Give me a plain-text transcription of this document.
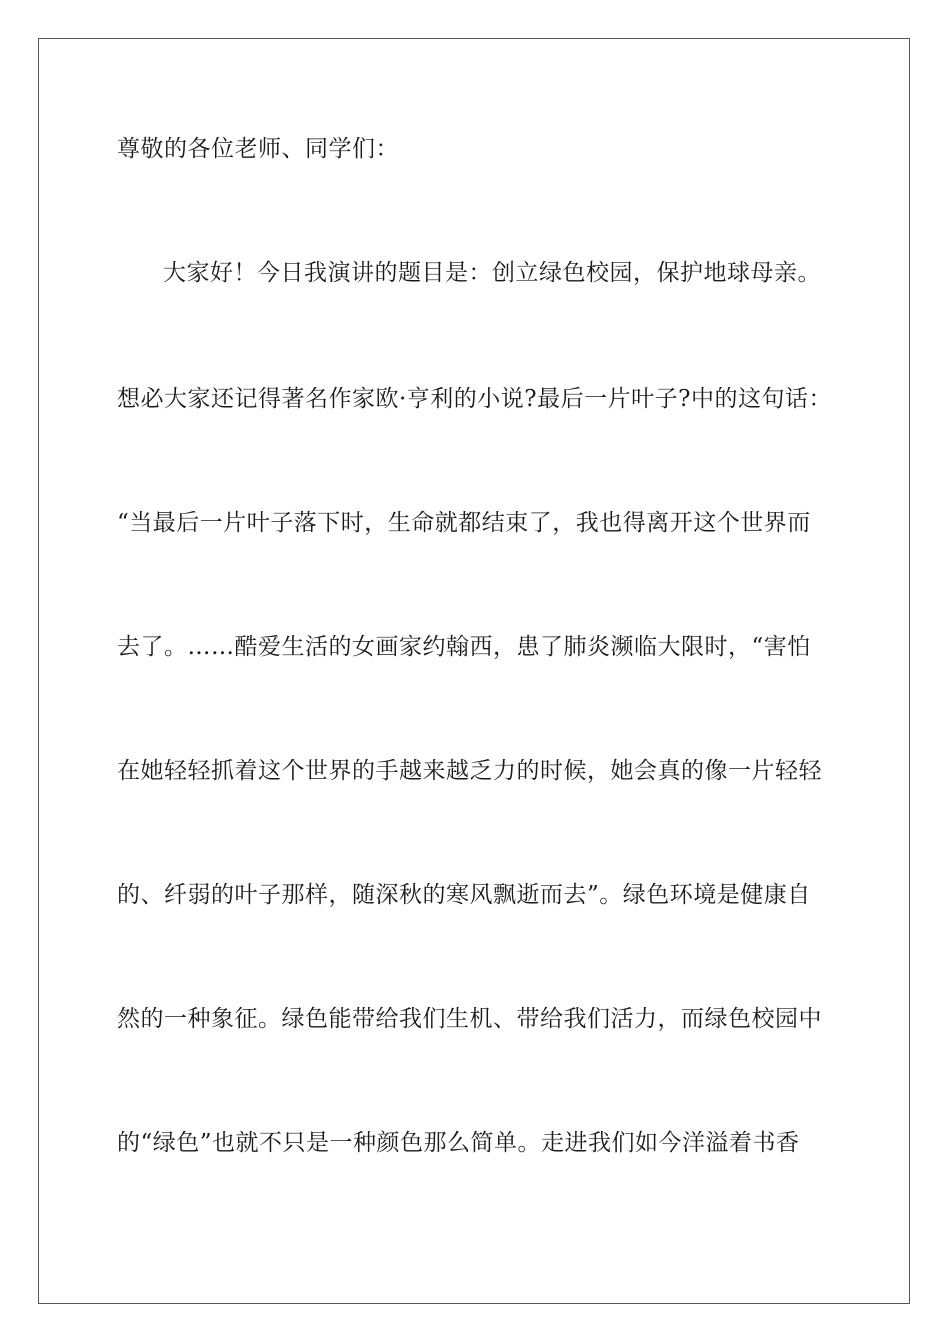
尊敬的各位老师、同学们：
大家好！今日我演讲的题目是：创立绿色校园，保护地球母亲。
想必大家还记得著名作家欧·亨利的小说?最后一片叶子?中的这句话：
“当最后一片叶子落下时，生命就都结束了，我也得离开这个世界而
去了。……酷爱生活的女画家约翰西，患了肺炎濒临大限时，“害怕
在她轻轻抓着这个世界的手越来越乏力的时候，她会真的像一片轻轻
的、纤弱的叶子那样，随深秋的寒风飘逝而去”。绿色环境是健康自
然的一种象征。绿色能带给我们生机、带给我们活力，而绿色校园中
的“绿色”也就不只是一种颜色那么简单。走进我们如今洋溢着书香
